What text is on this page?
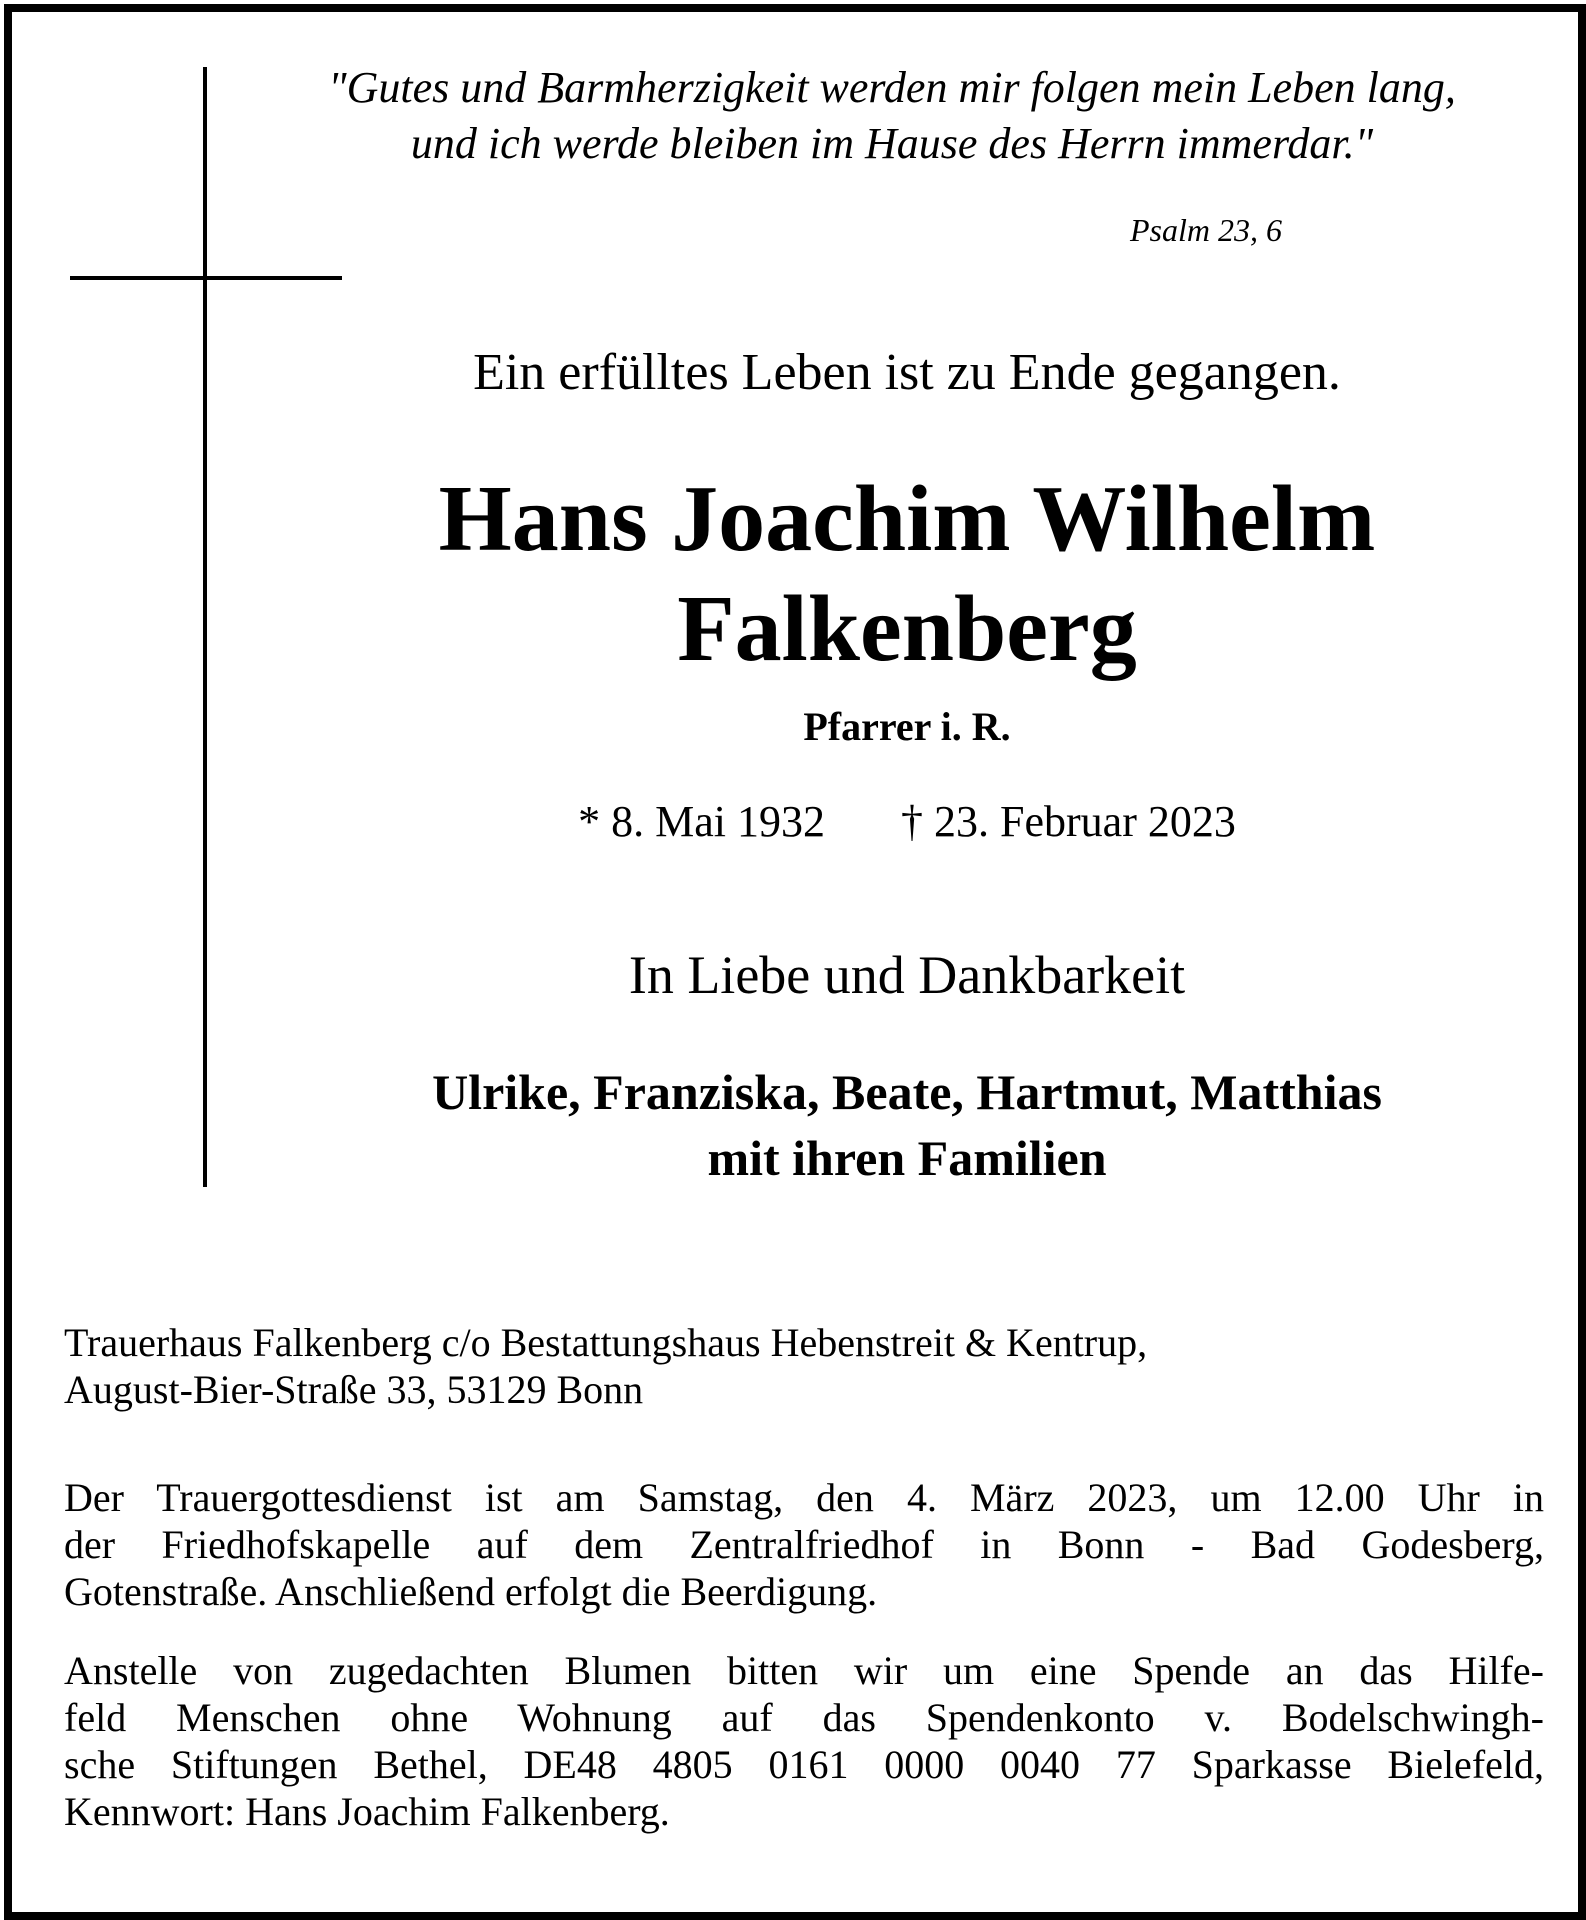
"Gutes und Barmherzigkeit werden mir folgen mein Leben lang,
und ich werde bleiben im Hause des Herrn immerdar."
Psalm 23, 6
Ein erfülltes Leben ist zu Ende gegangen.
Hans Joachim Wilhelm
Falkenberg
Pfarrer i. R.
* 8. Mai 1932 † 23. Februar 2023
In Liebe und Dankbarkeit
Ulrike, Franziska, Beate, Hartmut, Matthias
mit ihren Familien
Trauerhaus Falkenberg c/o Bestattungshaus Hebenstreit & Kentrup,
August-Bier-Straße 33, 53129 Bonn
Der Trauergottesdienst ist am Samstag, den 4. März 2023, um 12.00 Uhr in
der Friedhofskapelle auf dem Zentralfriedhof in Bonn - Bad Godesberg,
Gotenstraße. Anschließend erfolgt die Beerdigung.
Anstelle von zugedachten Blumen bitten wir um eine Spende an das Hilfe-
feld Menschen ohne Wohnung auf das Spendenkonto v. Bodelschwingh-
sche Stiftungen Bethel, DE48 4805 0161 0000 0040 77 Sparkasse Bielefeld,
Kennwort: Hans Joachim Falkenberg.
